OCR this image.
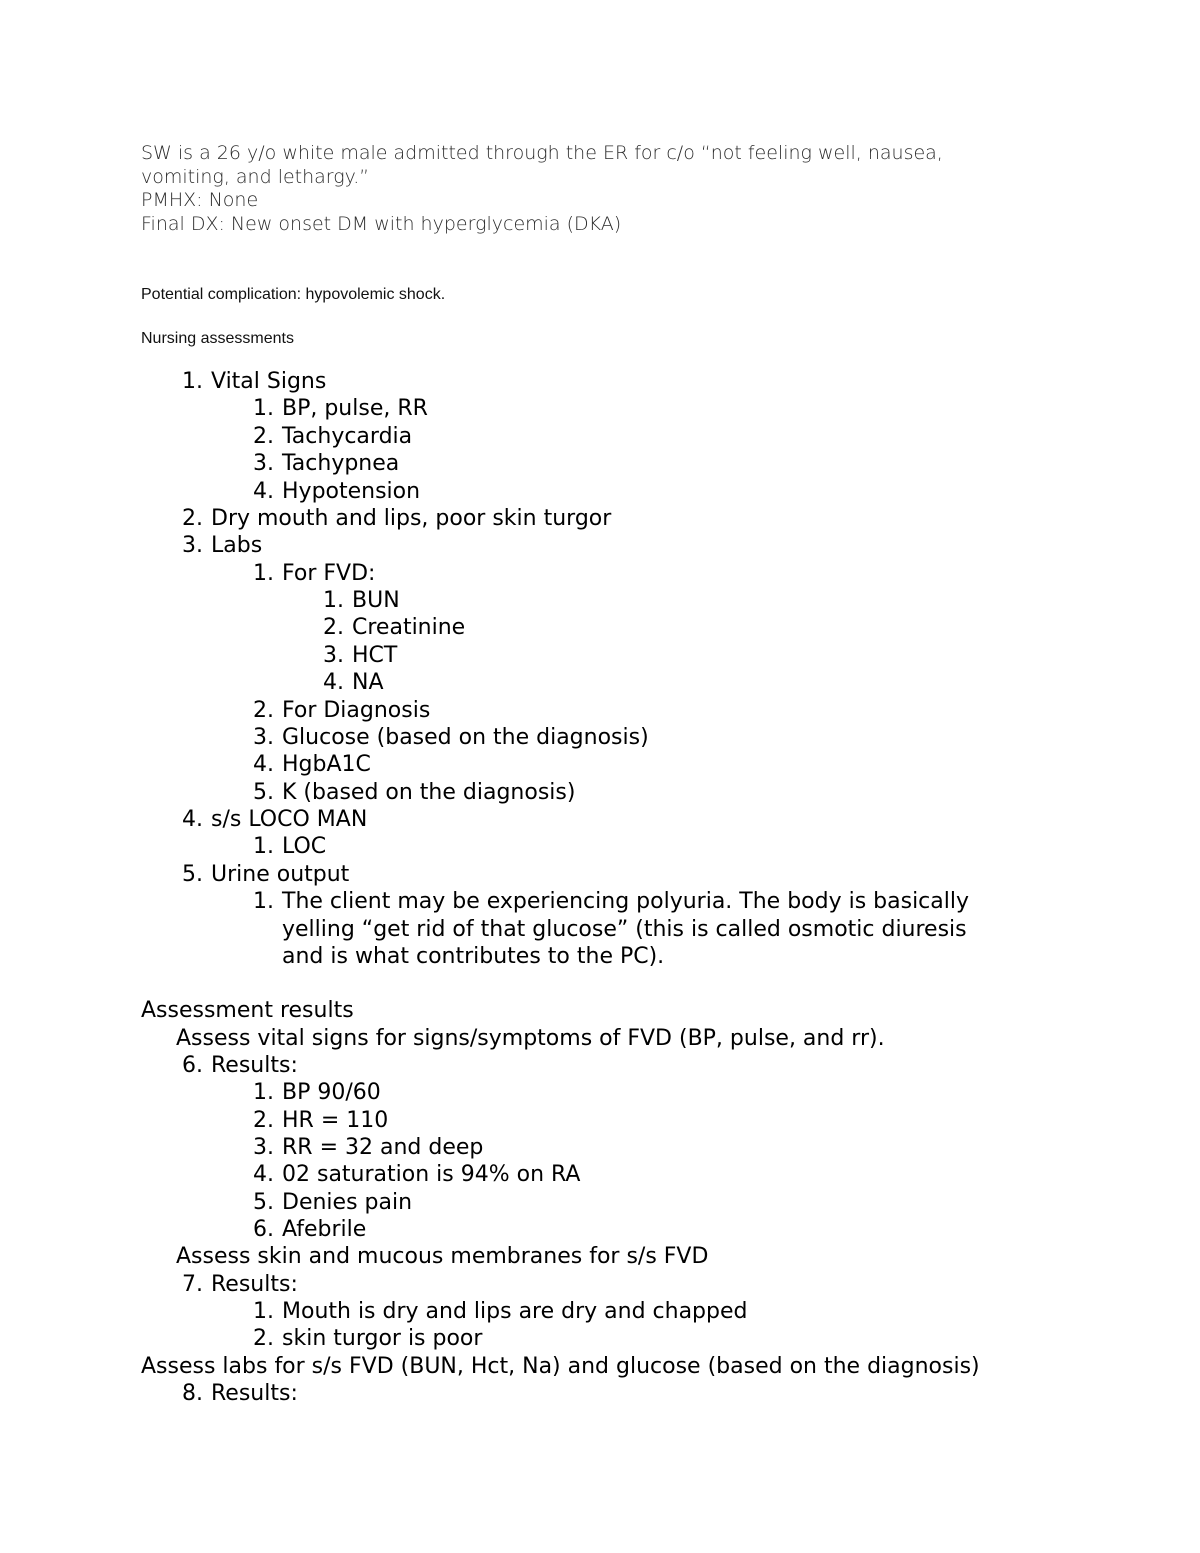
SW is a 26 y/o white male admitted through the ER for c/o “not feeling well, nausea,
vomiting, and lethargy.”
PMHX: None
Final DX: New onset DM with hyperglycemia (DKA)
Potential complication: hypovolemic shock.
Nursing assessments
1. Vital Signs
1. BP, pulse, RR
2. Tachycardia
3. Tachypnea
4. Hypotension
2. Dry mouth and lips, poor skin turgor
3. Labs
1. For FVD:
1. BUN
2. Creatinine
3. HCT
4. NA
2. For Diagnosis
3. Glucose (based on the diagnosis)
4. HgbA1C
5. K (based on the diagnosis)
4. s/s LOCO MAN
1. LOC
5. Urine output
1. The client may be experiencing polyuria. The body is basically
yelling “get rid of that glucose” (this is called osmotic diuresis
and is what contributes to the PC).
Assessment results
Assess vital signs for signs/symptoms of FVD (BP, pulse, and rr).
6. Results:
1. BP 90/60
2. HR = 110
3. RR = 32 and deep
4. 02 saturation is 94% on RA
5. Denies pain
6. Afebrile
Assess skin and mucous membranes for s/s FVD
7. Results:
1. Mouth is dry and lips are dry and chapped
2. skin turgor is poor
Assess labs for s/s FVD (BUN, Hct, Na) and glucose (based on the diagnosis)
8. Results:
